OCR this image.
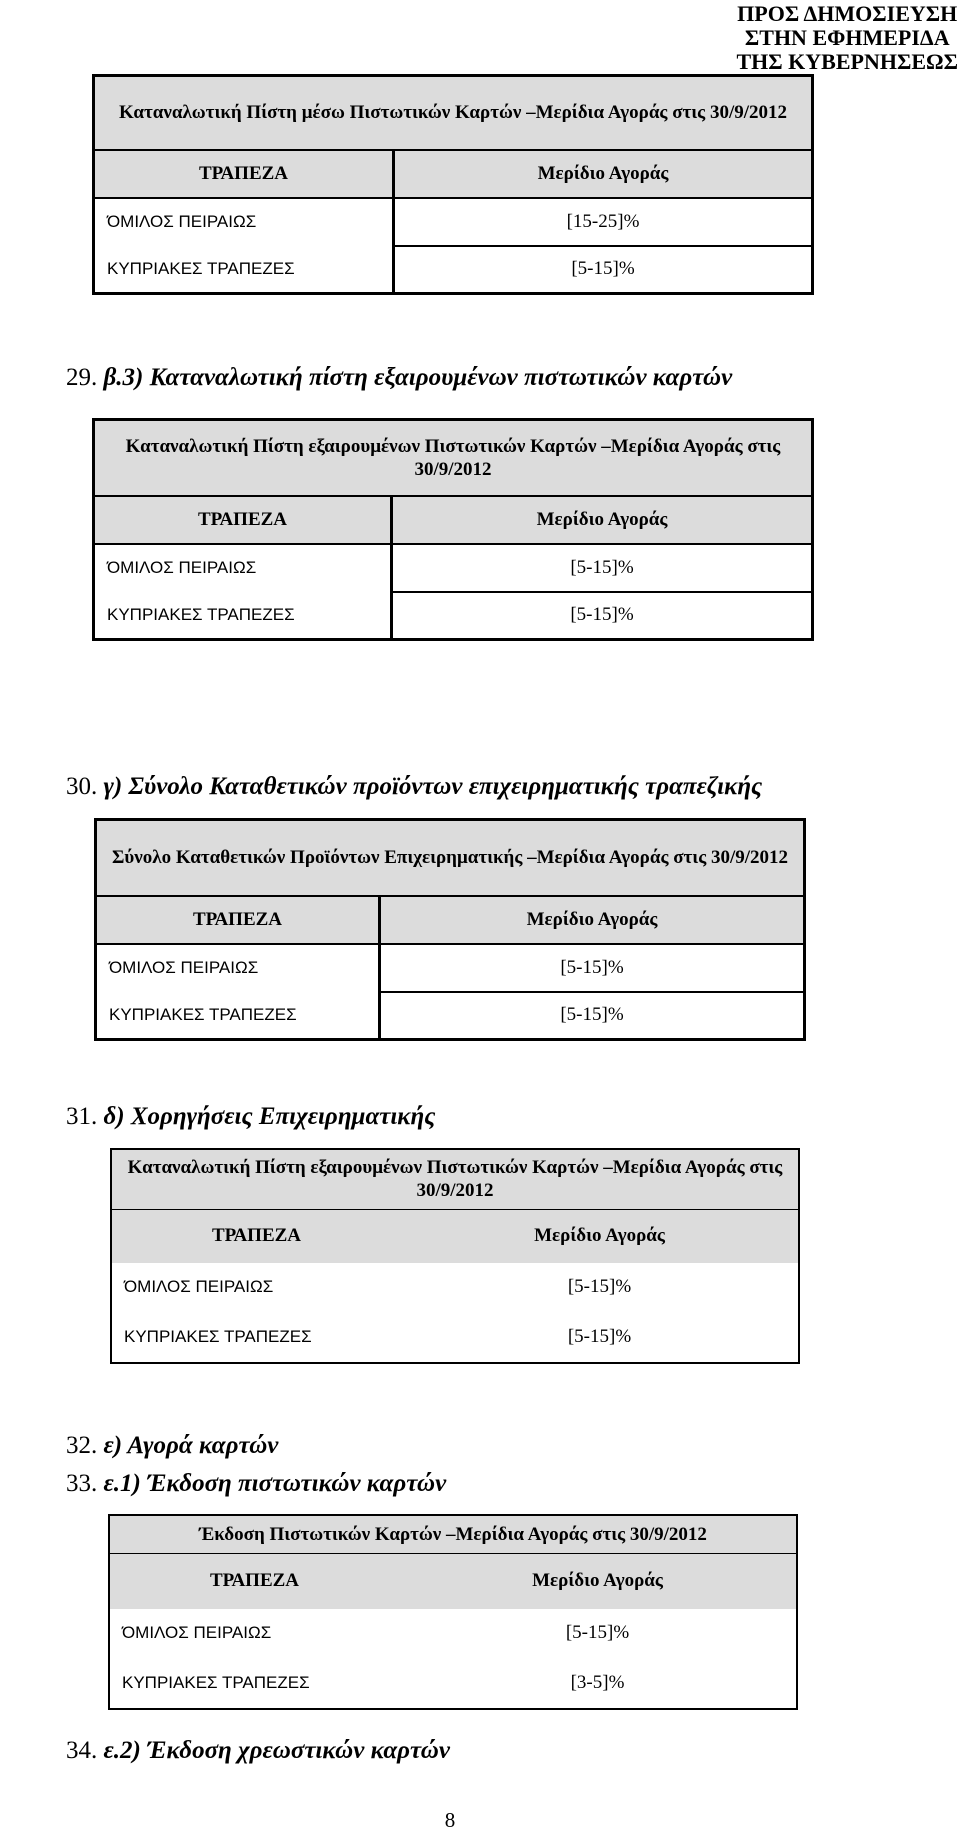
ΠΡΟΣ ΔΗΜΟΣΙΕΥΣΗ
ΣΤΗΝ ΕΦΗΜΕΡΙΔΑ
ΤΗΣ ΚΥΒΕΡΝΗΣΕΩΣ
Καταναλωτική Πίστη μέσω Πιστωτικών Καρτών –Μερίδια Αγοράς στις 30/9/2012	
ΤΡΑΠΕΖΑ	Μερίδιο Αγοράς
ΌΜΙΛΟΣ ΠΕΙΡΑΙΩΣ	[15-25]%
ΚΥΠΡΙΑΚΕΣ ΤΡΑΠΕΖΕΣ	[5-15]%
29. β.3) Καταναλωτική πίστη εξαιρουμένων πιστωτικών καρτών
Καταναλωτική Πίστη εξαιρουμένων Πιστωτικών Καρτών –Μερίδια Αγοράς στις 30/9/2012	
ΤΡΑΠΕΖΑ	Μερίδιο Αγοράς
ΌΜΙΛΟΣ ΠΕΙΡΑΙΩΣ	[5-15]%
ΚΥΠΡΙΑΚΕΣ ΤΡΑΠΕΖΕΣ	[5-15]%
30. γ) Σύνολο Καταθετικών προϊόντων επιχειρηματικής τραπεζικής
Σύνολο Καταθετικών Προϊόντων Επιχειρηματικής –Μερίδια Αγοράς στις 30/9/2012	
ΤΡΑΠΕΖΑ	Μερίδιο Αγοράς
ΌΜΙΛΟΣ ΠΕΙΡΑΙΩΣ	[5-15]%
ΚΥΠΡΙΑΚΕΣ ΤΡΑΠΕΖΕΣ	[5-15]%
31. δ) Χορηγήσεις Επιχειρηματικής
Καταναλωτική Πίστη εξαιρουμένων Πιστωτικών Καρτών –Μερίδια Αγοράς στις 30/9/2012	
ΤΡΑΠΕΖΑ	Μερίδιο Αγοράς
ΌΜΙΛΟΣ ΠΕΙΡΑΙΩΣ	[5-15]%
ΚΥΠΡΙΑΚΕΣ ΤΡΑΠΕΖΕΣ	[5-15]%
32. ε) Αγορά καρτών
33. ε.1) Έκδοση πιστωτικών καρτών
Έκδοση Πιστωτικών Καρτών –Μερίδια Αγοράς στις 30/9/2012	
ΤΡΑΠΕΖΑ	Μερίδιο Αγοράς
ΌΜΙΛΟΣ ΠΕΙΡΑΙΩΣ	[5-15]%
ΚΥΠΡΙΑΚΕΣ ΤΡΑΠΕΖΕΣ	[3-5]%
34. ε.2) Έκδοση χρεωστικών καρτών
8
